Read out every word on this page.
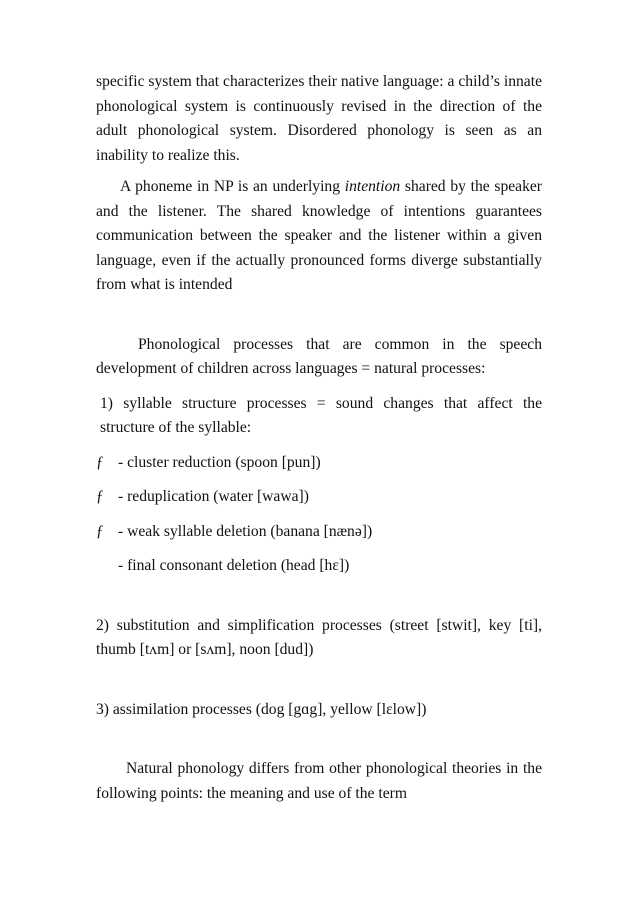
specific system that characterizes their native language: a child’s innate phonological system is continuously revised in the direction of the adult phonological system. Disordered phonology is seen as an inability to realize this.

A phoneme in NP is an underlying intention shared by the speaker and the listener. The shared knowledge of intentions guarantees communication between the speaker and the listener within a given language, even if the actually pronounced forms diverge substantially from what is intended

Phonological processes that are common in the speech development of children across languages = natural processes:

1) syllable structure processes = sound changes that affect the structure of the syllable:

ƒ - cluster reduction (spoon [pun])

ƒ - reduplication (water [wawa])

ƒ - weak syllable deletion (banana [nænə])

- final consonant deletion (head [hɛ])

2) substitution and simplification processes (street [stwit], key [ti], thumb [tʌm] or [sʌm], noon [dud])

3) assimilation processes (dog [gɑg], yellow [lɛlow])

Natural phonology differs from other phonological theories in the following points: the meaning and use of the term
